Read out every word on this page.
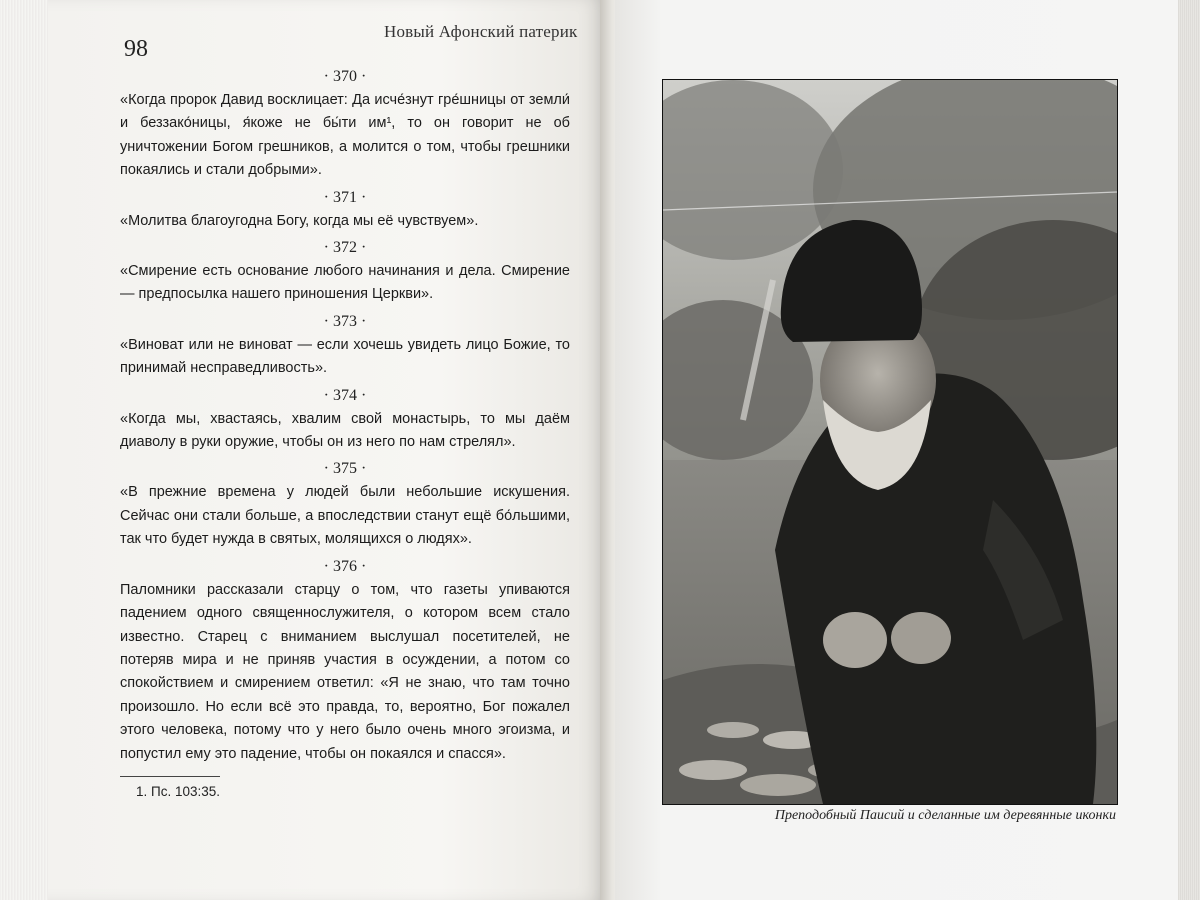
98
Новый Афонский патерик

· 370 ·

«Когда пророк Давид восклицает: Да исче́знут гре́шницы от земли́ и беззако́ницы, я́коже не бы́ти им¹, то он говорит не об уничтожении Богом грешников, а молится о том, чтобы грешники покаялись и стали добрыми».

· 371 ·

«Молитва благоугодна Богу, когда мы её чувствуем».

· 372 ·

«Смирение есть основание любого начинания и дела. Смирение — предпосылка нашего приношения Церкви».

· 373 ·

«Виноват или не виноват — если хочешь увидеть лицо Божие, то принимай несправедливость».

· 374 ·

«Когда мы, хвастаясь, хвалим свой монастырь, то мы даём диаволу в руки оружие, чтобы он из него по нам стрелял».

· 375 ·

«В прежние времена у людей были небольшие искушения. Сейчас они стали больше, а впоследствии станут ещё бо́льшими, так что будет нужда в святых, молящихся о людях».

· 376 ·

Паломники рассказали старцу о том, что газеты упиваются падением одного священнослужителя, о котором всем стало известно. Старец с вниманием выслушал посетителей, не потеряв мира и не приняв участия в осуждении, а потом со спокойствием и смирением ответил: «Я не знаю, что там точно произошло. Но если всё это правда, то, вероятно, Бог пожалел этого человека, потому что у него было очень много эгоизма, и попустил ему это падение, чтобы он покаялся и спасся».

1. Пс. 103:35.
Преподобный Паисий и сделанные им деревянные иконки
